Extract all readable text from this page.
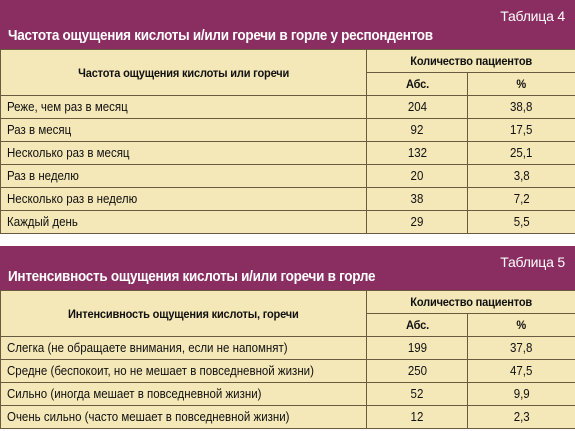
Таблица 4
Частота ощущения кислоты и/или горечи в горле у респондентов
Частота ощущения кислоты или горечи	Количество пациентов	
	Абс.	%
Реже, чем раз в месяц	204	38,8
Раз в месяц	92	17,5
Несколько раз в месяц	132	25,1
Раз в неделю	20	3,8
Несколько раз в неделю	38	7,2
Каждый день	29	5,5
Таблица 5
Интенсивность ощущения кислоты и/или горечи в горле
Интенсивность ощущения кислоты, горечи	Количество пациентов	
	Абс.	%
Слегка (не обращаете внимания, если не напомнят)	199	37,8
Средне (беспокоит, но не мешает в повседневной жизни)	250	47,5
Сильно (иногда мешает в повседневной жизни)	52	9,9
Очень сильно (часто мешает в повседневной жизни)	12	2,3
